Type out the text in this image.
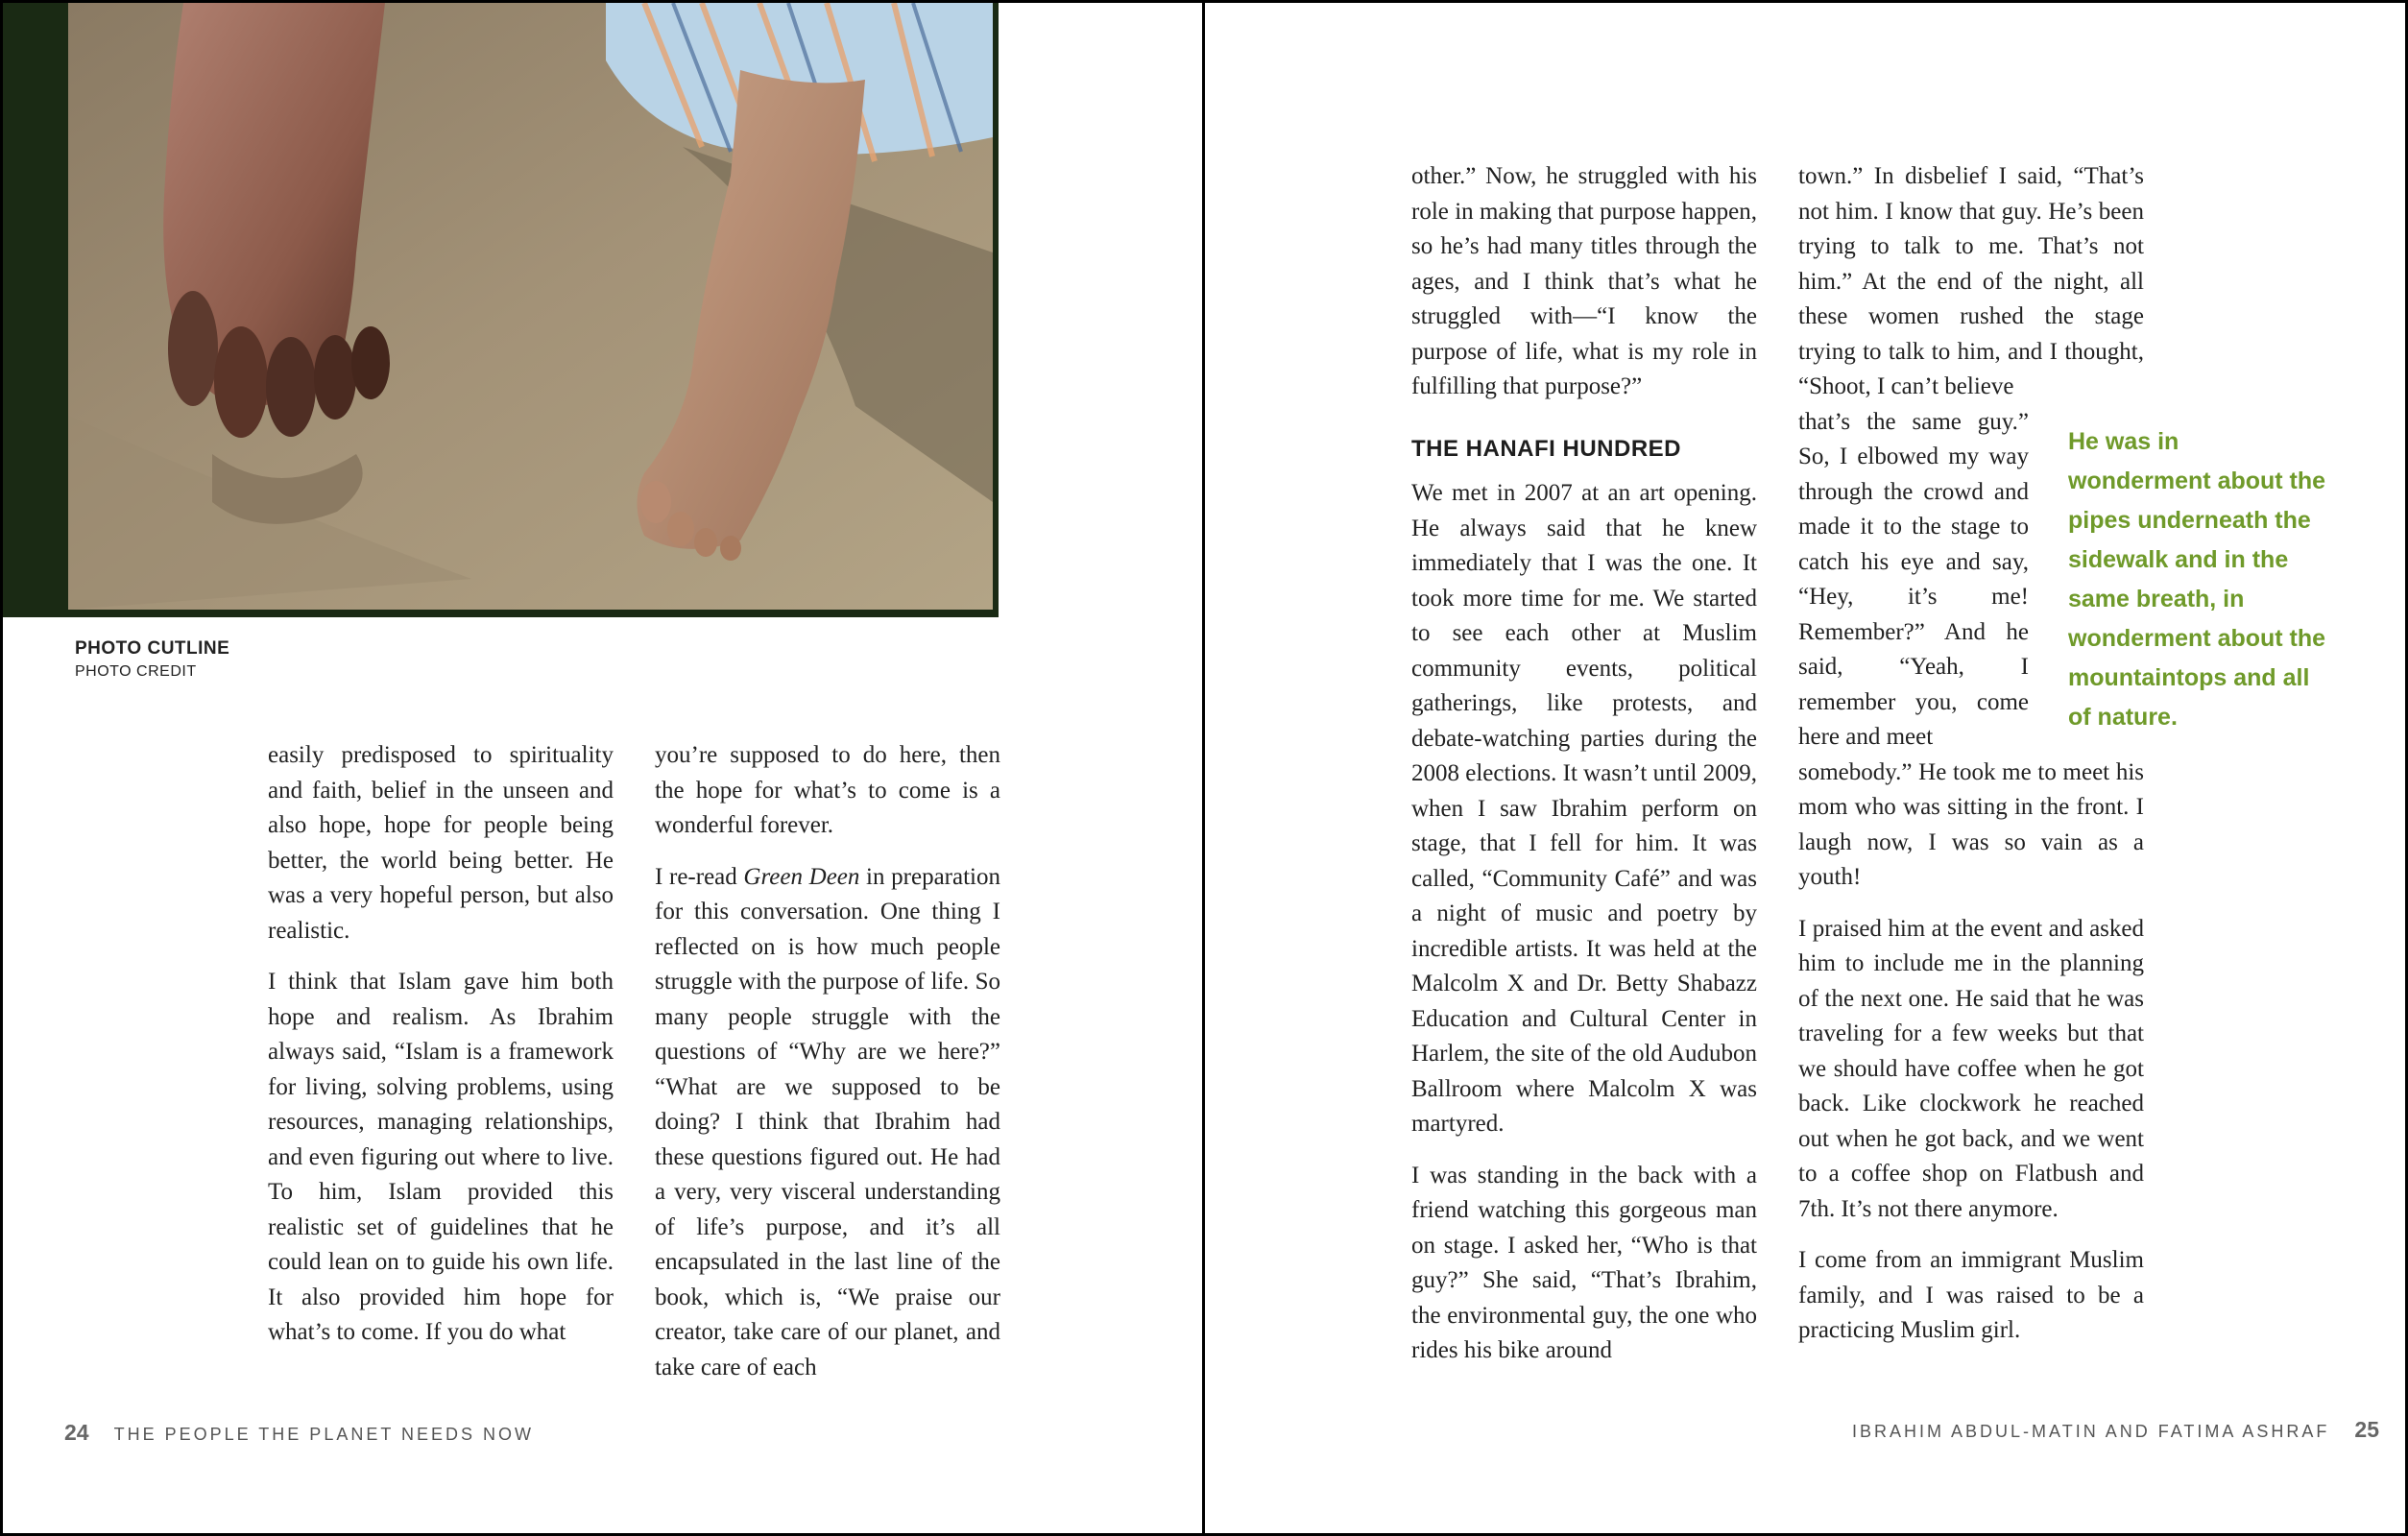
PHOTO CUTLINE
PHOTO CREDIT

easily predisposed to spirituality and faith, belief in the unseen and also hope, hope for people being better, the world being better. He was a very hopeful person, but also realistic.

I think that Islam gave him both hope and realism. As Ibrahim always said, “Islam is a framework for living, solving problems, using resources, managing relationships, and even figuring out where to live. To him, Islam provided this realistic set of guidelines that he could lean on to guide his own life. It also provided him hope for what’s to come. If you do what

you’re supposed to do here, then the hope for what’s to come is a wonderful forever.

I re-read Green Deen in preparation for this conversation. One thing I reflected on is how much people struggle with the purpose of life. So many people struggle with the questions of “Why are we here?” “What are we supposed to be doing? I think that Ibrahim had these questions figured out. He had a very, very visceral understanding of life’s purpose, and it’s all encapsulated in the last line of the book, which is, “We praise our creator, take care of our planet, and take care of each

24 THE PEOPLE THE PLANET NEEDS NOW

other.” Now, he struggled with his role in making that purpose happen, so he’s had many titles through the ages, and I think that’s what he struggled with—“I know the purpose of life, what is my role in fulfilling that purpose?”

THE HANAFI HUNDRED

We met in 2007 at an art opening. He always said that he knew immediately that I was the one. It took more time for me. We started to see each other at Muslim community events, political gatherings, like protests, and debate-watching parties during the 2008 elections. It wasn’t until 2009, when I saw Ibrahim perform on stage, that I fell for him. It was called, “Community Café” and was a night of music and poetry by incredible artists. It was held at the Malcolm X and Dr. Betty Shabazz Education and Cultural Center in Harlem, the site of the old Audubon Ballroom where Malcolm X was martyred.

I was standing in the back with a friend watching this gorgeous man on stage. I asked her, “Who is that guy?” She said, “That’s Ibrahim, the environmental guy, the one who rides his bike around

town.” In disbelief I said, “That’s not him. I know that guy. He’s been trying to talk to me. That’s not him.” At the end of the night, all these women rushed the stage trying to talk to him, and I thought, “Shoot, I can’t believe
that’s the same guy.” So, I elbowed my way through the crowd and made it to the stage to catch his eye and say, “Hey, it’s me! Remember?” And he said, “Yeah, I remember you, come here and meet

somebody.” He took me to meet his mom who was sitting in the front. I laugh now, I was so vain as a youth!

I praised him at the event and asked him to include me in the planning of the next one. He said that he was traveling for a few weeks but that we should have coffee when he got back. Like clockwork he reached out when he got back, and we went to a coffee shop on Flatbush and 7th. It’s not there anymore.

I come from an immigrant Muslim family, and I was raised to be a practicing Muslim girl.

He was in wonderment about the pipes underneath the sidewalk and in the same breath, in wonderment about the mountaintops and all of nature.
IBRAHIM ABDUL-MATIN AND FATIMA ASHRAF 25
